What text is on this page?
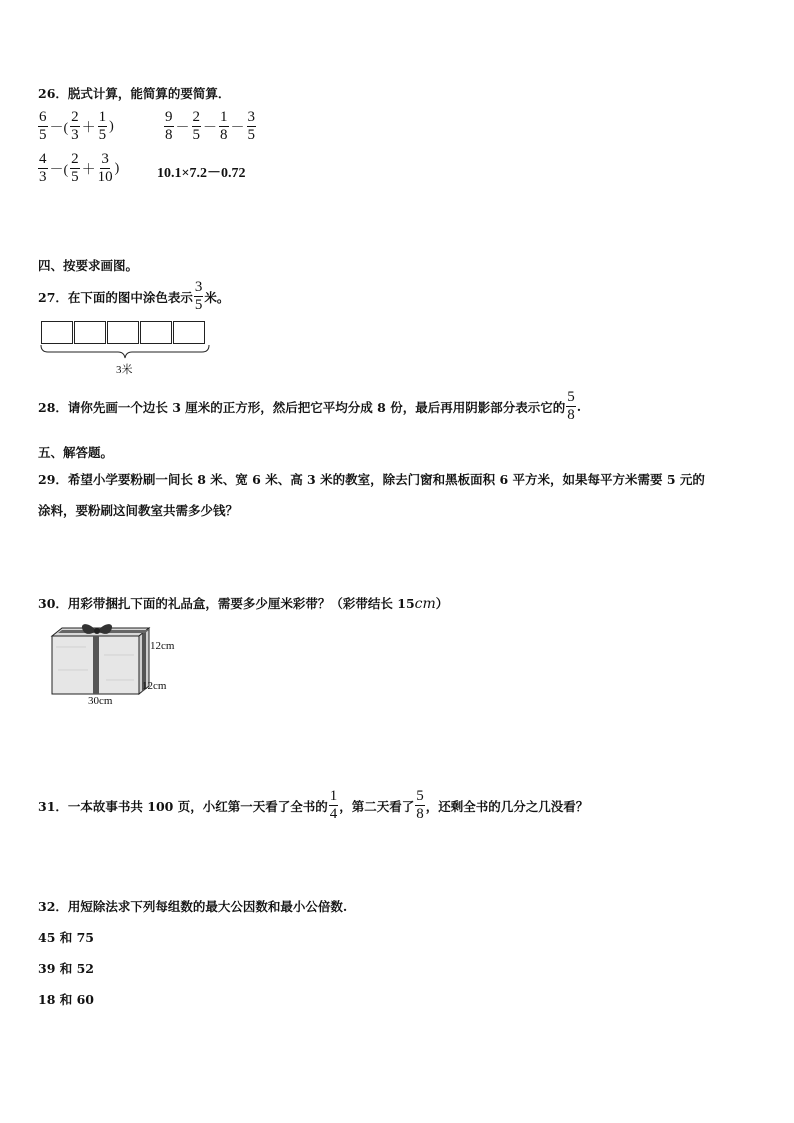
26．脱式计算，能简算的要简算．
$\frac{6}{5}$ －( $\frac{2}{3} + \frac{1}{5}$ )	$\frac{9}{8} - \frac{2}{5} - \frac{1}{8} - \frac{3}{5}$
$\frac{4}{3}$ －( $\frac{2}{5} + \frac{3}{10}$ )	10.1×7.2－0.72
四、按要求画图。
27．在下面的图中涂色表示 $\frac{3}{5}$ 米。
3米
28．请你先画一个边长 3 厘米的正方形，然后把它平均分成 8 份，最后再用阴影部分表示它的 $\frac{5}{8}$ .
五、解答题。
29．希望小学要粉刷一间长 8 米、宽 6 米、高 3 米的教室，除去门窗和黑板面积 6 平方米，如果每平方米需要 5 元的
涂料，要粉刷这间教室共需多少钱？
30．用彩带捆扎下面的礼品盒，需要多少厘米彩带？（彩带结长 15 cm ）
12cm
12cm
30cm
31．一本故事书共 100 页，小红第一天看了全书的 $\frac{1}{4}$ ，第二天看了 $\frac{5}{8}$ ，还剩全书的几分之几没看？
32．用短除法求下列每组数的最大公因数和最小公倍数.
45 和 75
39 和 52
18 和 60
